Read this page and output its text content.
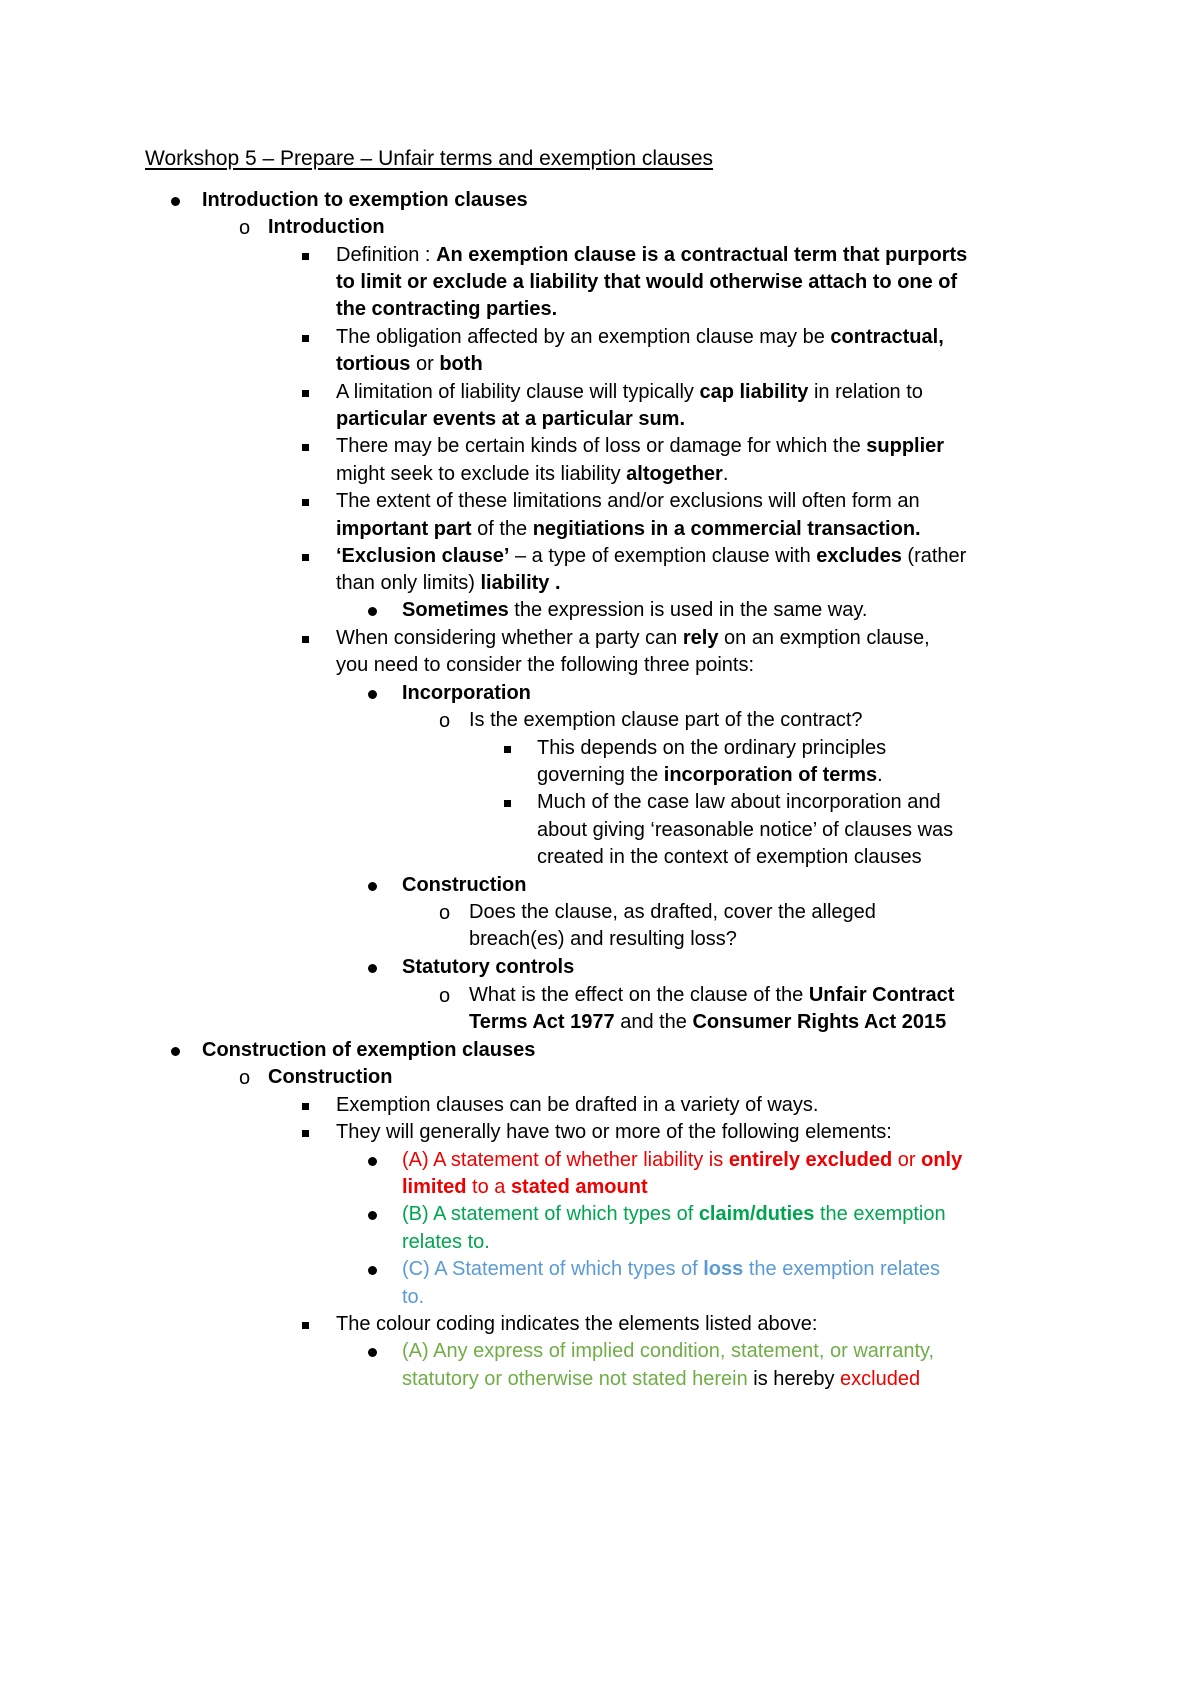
Workshop 5 – Prepare – Unfair terms and exemption clauses
Introduction to exemption clauses
o Introduction
Definition : An exemption clause is a contractual term that purports
to limit or exclude a liability that would otherwise attach to one of
the contracting parties.
The obligation affected by an exemption clause may be contractual,
tortious or both
A limitation of liability clause will typically cap liability in relation to
particular events at a particular sum.
There may be certain kinds of loss or damage for which the supplier
might seek to exclude its liability altogether.
The extent of these limitations and/or exclusions will often form an
important part of the negitiations in a commercial transaction.
‘Exclusion clause’ – a type of exemption clause with excludes (rather
than only limits) liability .
Sometimes the expression is used in the same way.
When considering whether a party can rely on an exmption clause,
you need to consider the following three points:
Incorporation
o Is the exemption clause part of the contract?
This depends on the ordinary principles
governing the incorporation of terms.
Much of the case law about incorporation and
about giving ‘reasonable notice’ of clauses was
created in the context of exemption clauses
Construction
o Does the clause, as drafted, cover the alleged
breach(es) and resulting loss?
Statutory controls
o What is the effect on the clause of the Unfair Contract
Terms Act 1977 and the Consumer Rights Act 2015
Construction of exemption clauses
o Construction
Exemption clauses can be drafted in a variety of ways.
They will generally have two or more of the following elements:
(A) A statement of whether liability is entirely excluded or only
limited to a stated amount
(B) A statement of which types of claim/duties the exemption
relates to.
(C) A Statement of which types of loss the exemption relates
to.
The colour coding indicates the elements listed above:
(A) Any express of implied condition, statement, or warranty,
statutory or otherwise not stated herein is hereby excluded
